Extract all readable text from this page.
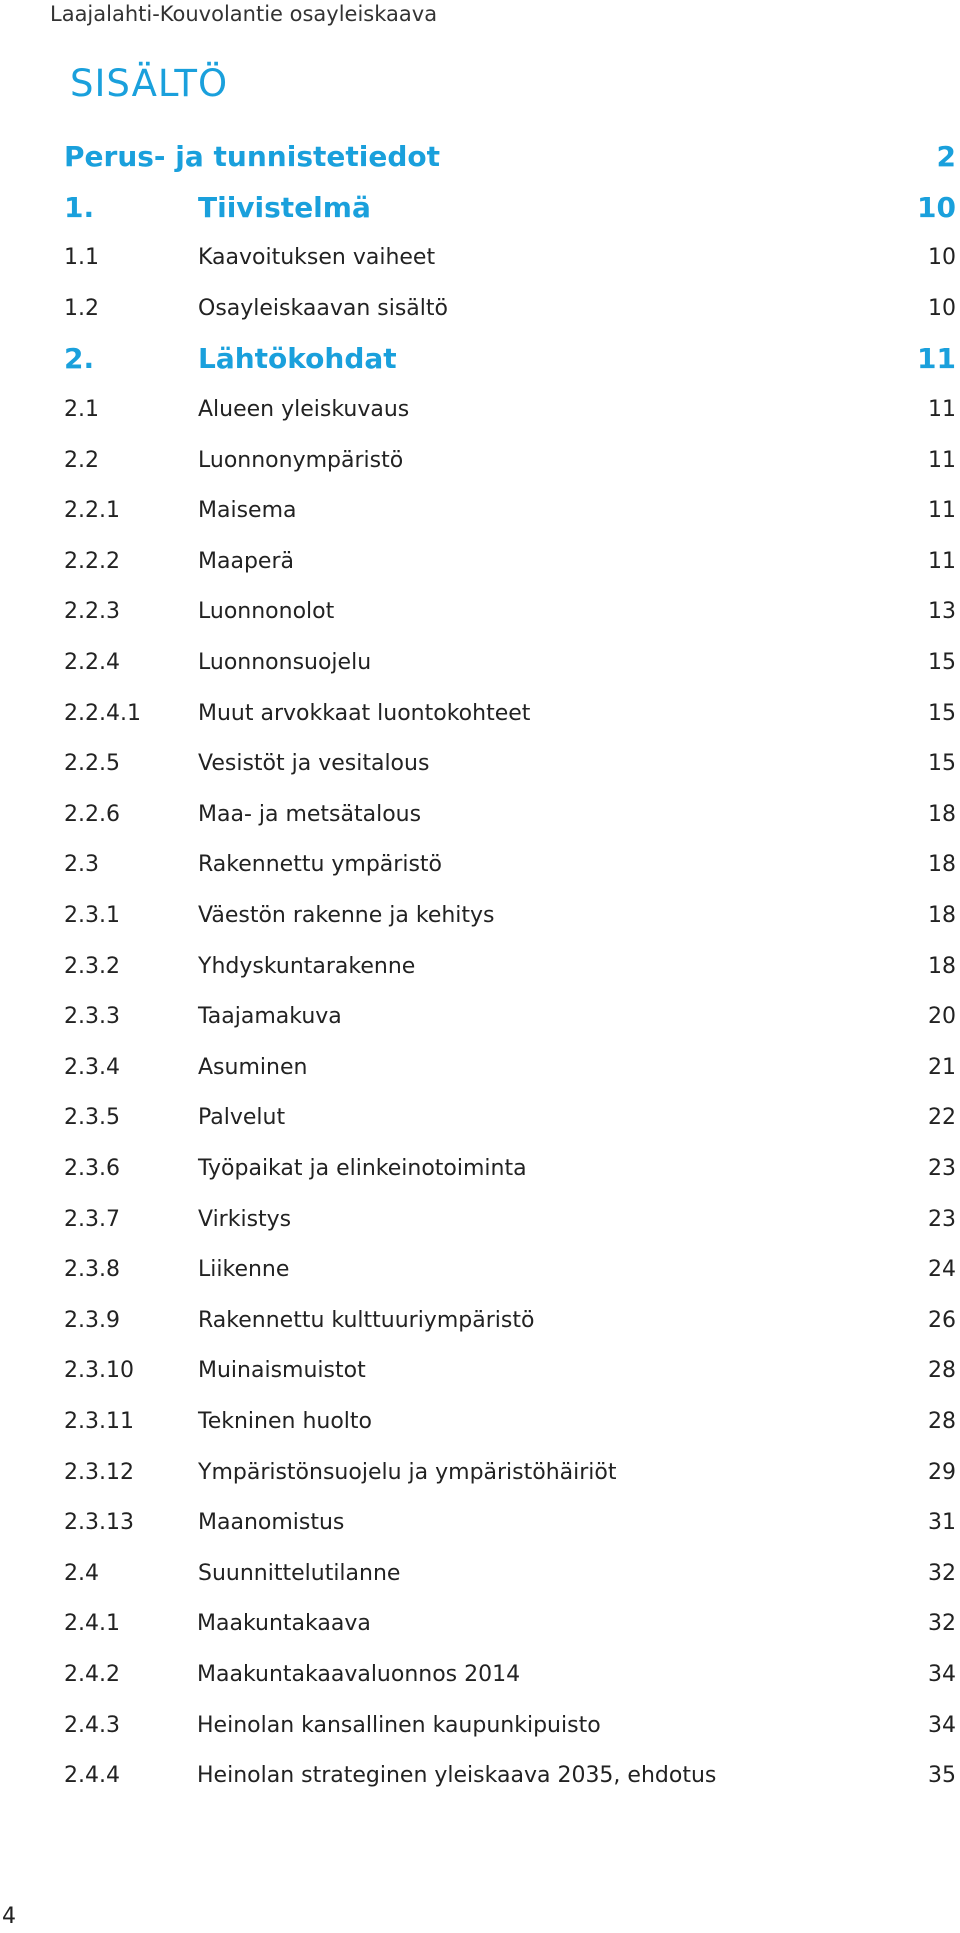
Laajalahti-Kouvolantie osayleiskaava
SISÄLTÖ
Perus- ja tunnistetiedot	2
1.	Tiivistelmä	10
1.1	Kaavoituksen vaiheet	10
1.2	Osayleiskaavan sisältö	10
2.	Lähtökohdat	11
2.1	Alueen yleiskuvaus	11
2.2	Luonnonympäristö	11
2.2.1	Maisema	11
2.2.2	Maaperä	11
2.2.3	Luonnonolot	13
2.2.4	Luonnonsuojelu	15
2.2.4.1	Muut arvokkaat luontokohteet	15
2.2.5	Vesistöt ja vesitalous	15
2.2.6	Maa- ja metsätalous	18
2.3	Rakennettu ympäristö	18
2.3.1	Väestön rakenne ja kehitys	18
2.3.2	Yhdyskuntarakenne	18
2.3.3	Taajamakuva	20
2.3.4	Asuminen	21
2.3.5	Palvelut	22
2.3.6	Työpaikat ja elinkeinotoiminta	23
2.3.7	Virkistys	23
2.3.8	Liikenne	24
2.3.9	Rakennettu kulttuuriympäristö	26
2.3.10	Muinaismuistot	28
2.3.11	Tekninen huolto	28
2.3.12	Ympäristönsuojelu ja ympäristöhäiriöt	29
2.3.13	Maanomistus	31
2.4	Suunnittelutilanne	32
2.4.1	Maakuntakaava	32
2.4.2	Maakuntakaavaluonnos 2014	34
2.4.3	Heinolan kansallinen kaupunkipuisto	34
2.4.4	Heinolan strateginen yleiskaava 2035, ehdotus	35
4
